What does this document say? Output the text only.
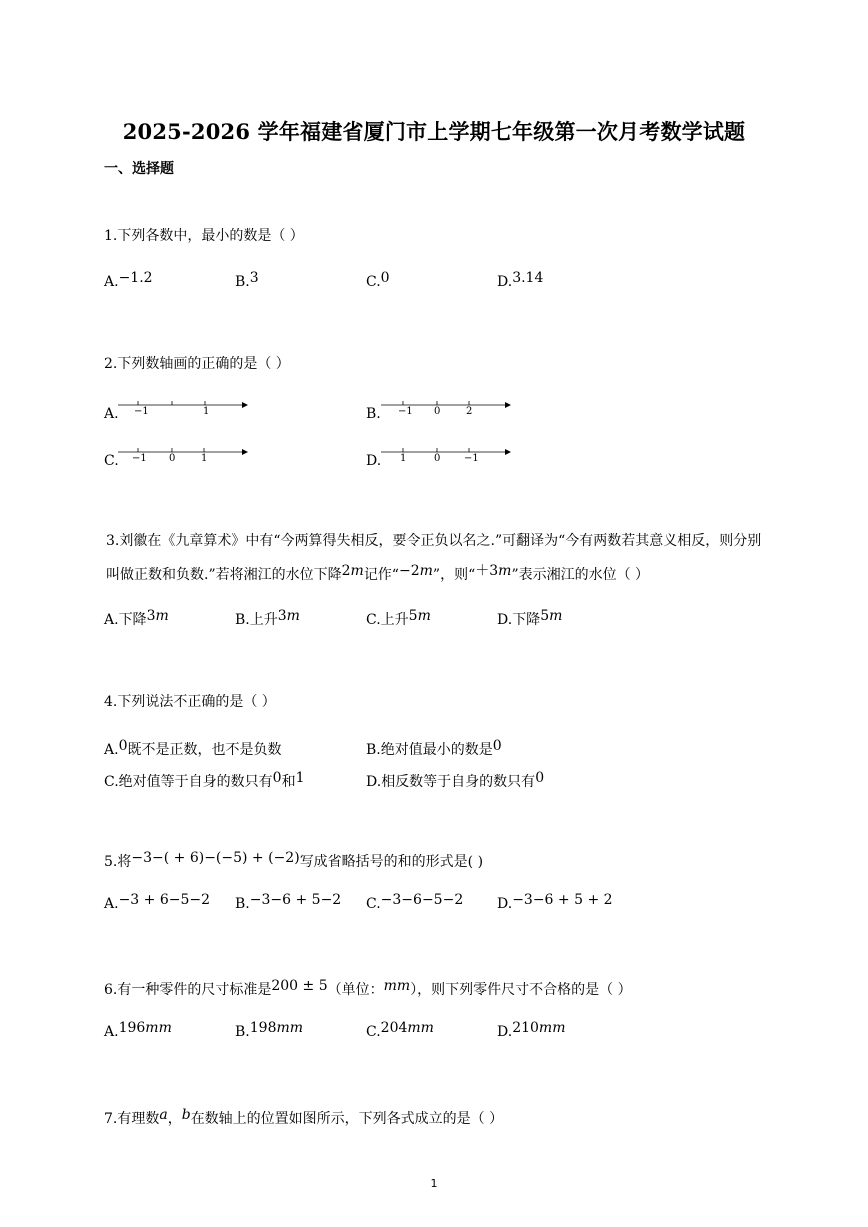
2025-2026 学年福建省厦门市上学期七年级第一次月考数学试题
一、选择题
1.下列各数中，最小的数是（ ）
A.−1.2	B.3	C.0	D.3.14
2.下列数轴画的正确的是（ ）
A. −1	1	B. −1 0	2
C. −1 0	1	D. 1	0 −1
3.刘徽在《九章算术》中有“今两算得失相反，要令正负以名之.”可翻译为“今有两数若其意义相反，则分别叫做正数和负数.”若将湘江的水位下降2m记作“−2m”，则“＋3m”表示湘江的水位（ ）
A.下降3m	B.上升3m	C.上升5m	D.下降5m
4.下列说法不正确的是（ ）
A.0既不是正数，也不是负数	B.绝对值最小的数是0
C.绝对值等于自身的数只有0和1	D.相反数等于自身的数只有0
5.将−3−( + 6)−(−5) + (−2)写成省略括号的和的形式是( )
A.−3 + 6−5−2 B.−3−6 + 5−2 C.−3−6−5−2 D.−3−6 + 5 + 2
6.有一种零件的尺寸标准是200 ± 5（单位：mm），则下列零件尺寸不合格的是（ ）
A.196mm	B.198mm	C.204mm	D.210mm
7.有理数a，b在数轴上的位置如图所示，下列各式成立的是（ ）
1
